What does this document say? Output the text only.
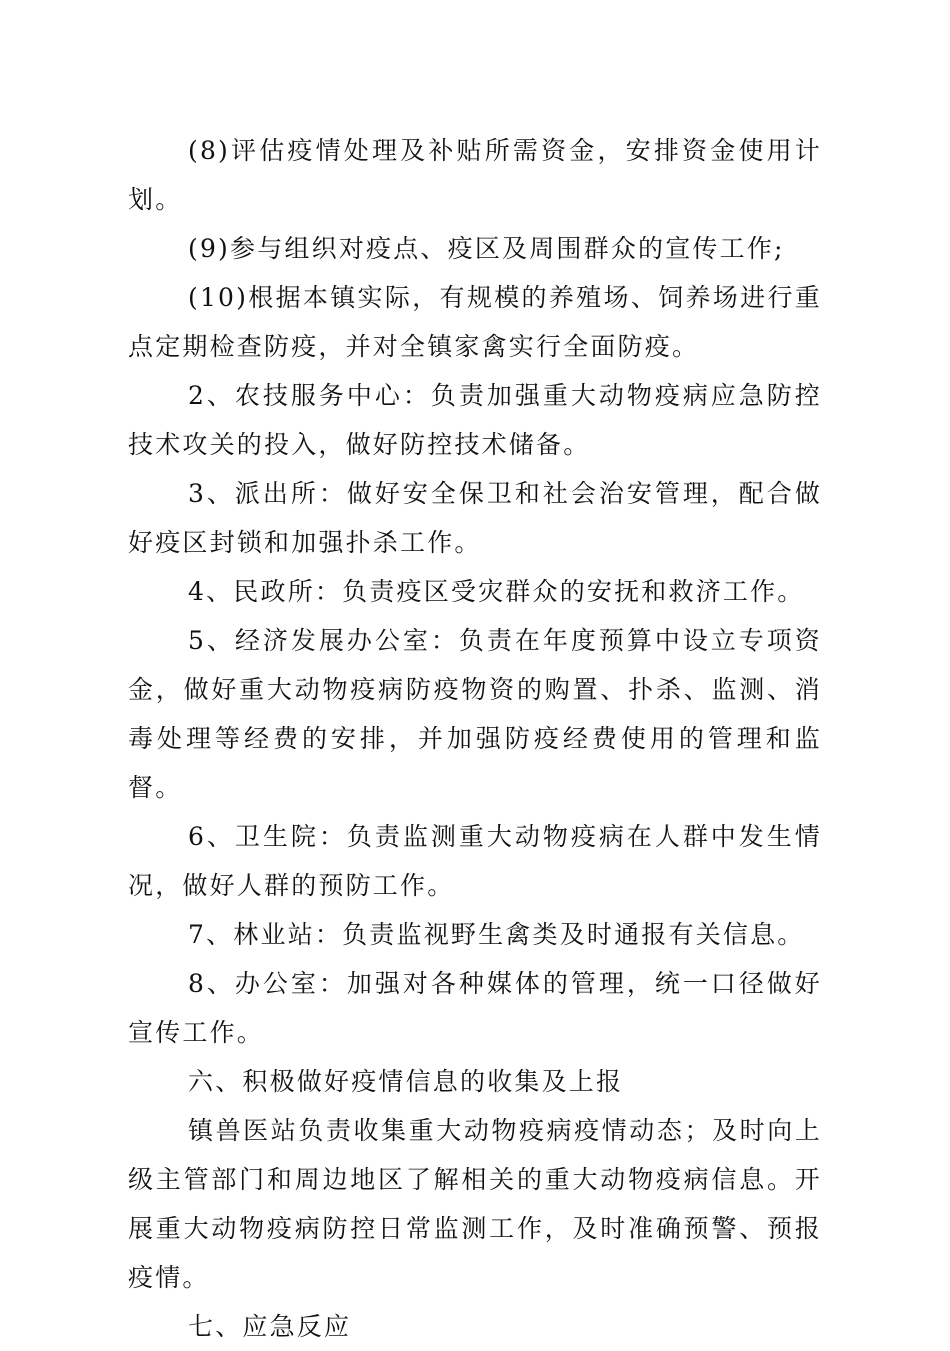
(8)评估疫情处理及补贴所需资金，安排资金使用计划。

(9)参与组织对疫点、疫区及周围群众的宣传工作;

(10)根据本镇实际，有规模的养殖场、饲养场进行重点定期检查防疫，并对全镇家禽实行全面防疫。

2、农技服务中心：负责加强重大动物疫病应急防控技术攻关的投入，做好防控技术储备。

3、派出所：做好安全保卫和社会治安管理，配合做好疫区封锁和加强扑杀工作。

4、民政所：负责疫区受灾群众的安抚和救济工作。

5、经济发展办公室：负责在年度预算中设立专项资金，做好重大动物疫病防疫物资的购置、扑杀、监测、消毒处理等经费的安排，并加强防疫经费使用的管理和监督。

6、卫生院：负责监测重大动物疫病在人群中发生情况，做好人群的预防工作。

7、林业站：负责监视野生禽类及时通报有关信息。

8、办公室：加强对各种媒体的管理，统一口径做好宣传工作。

六、积极做好疫情信息的收集及上报

镇兽医站负责收集重大动物疫病疫情动态；及时向上级主管部门和周边地区了解相关的重大动物疫病信息。开展重大动物疫病防控日常监测工作，及时准确预警、预报疫情。

七、应急反应
